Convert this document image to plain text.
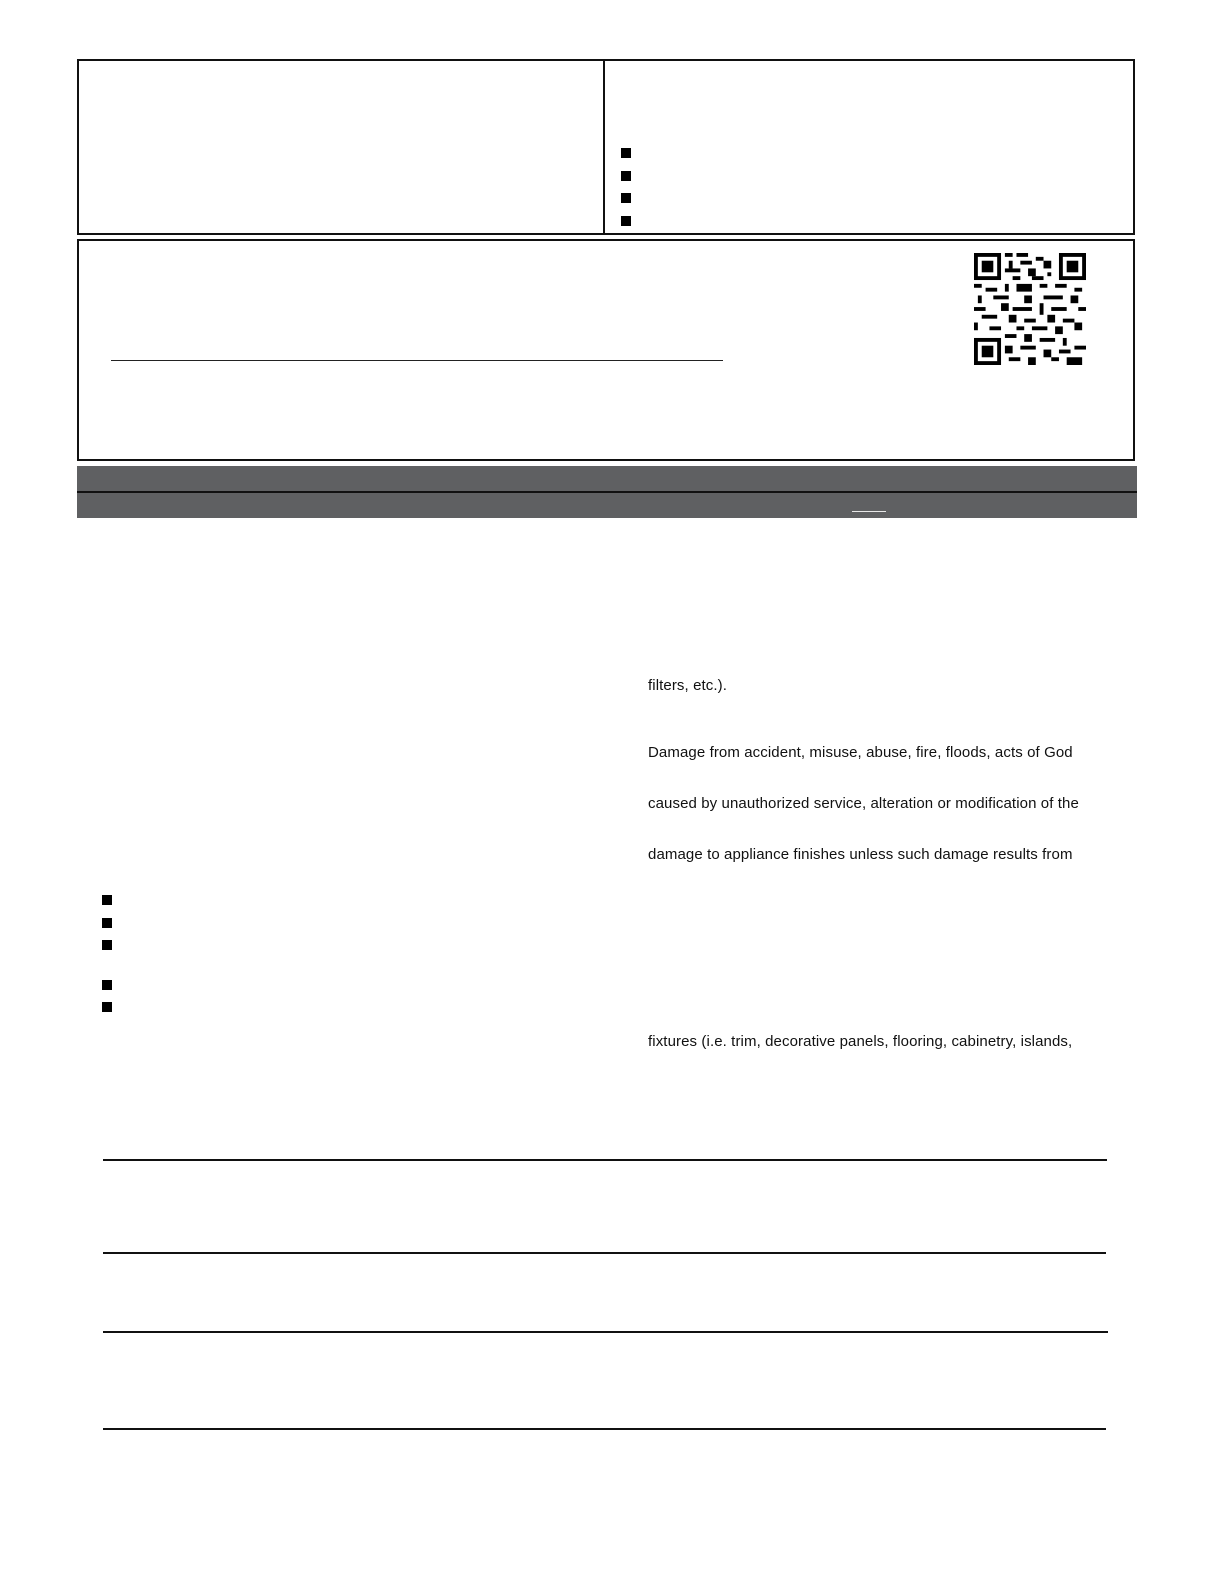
filters, etc.).
Damage from accident, misuse, abuse, fire, floods, acts of God
caused by unauthorized service, alteration or modification of the
damage to appliance finishes unless such damage results from
fixtures (i.e. trim, decorative panels, flooring, cabinetry, islands,
